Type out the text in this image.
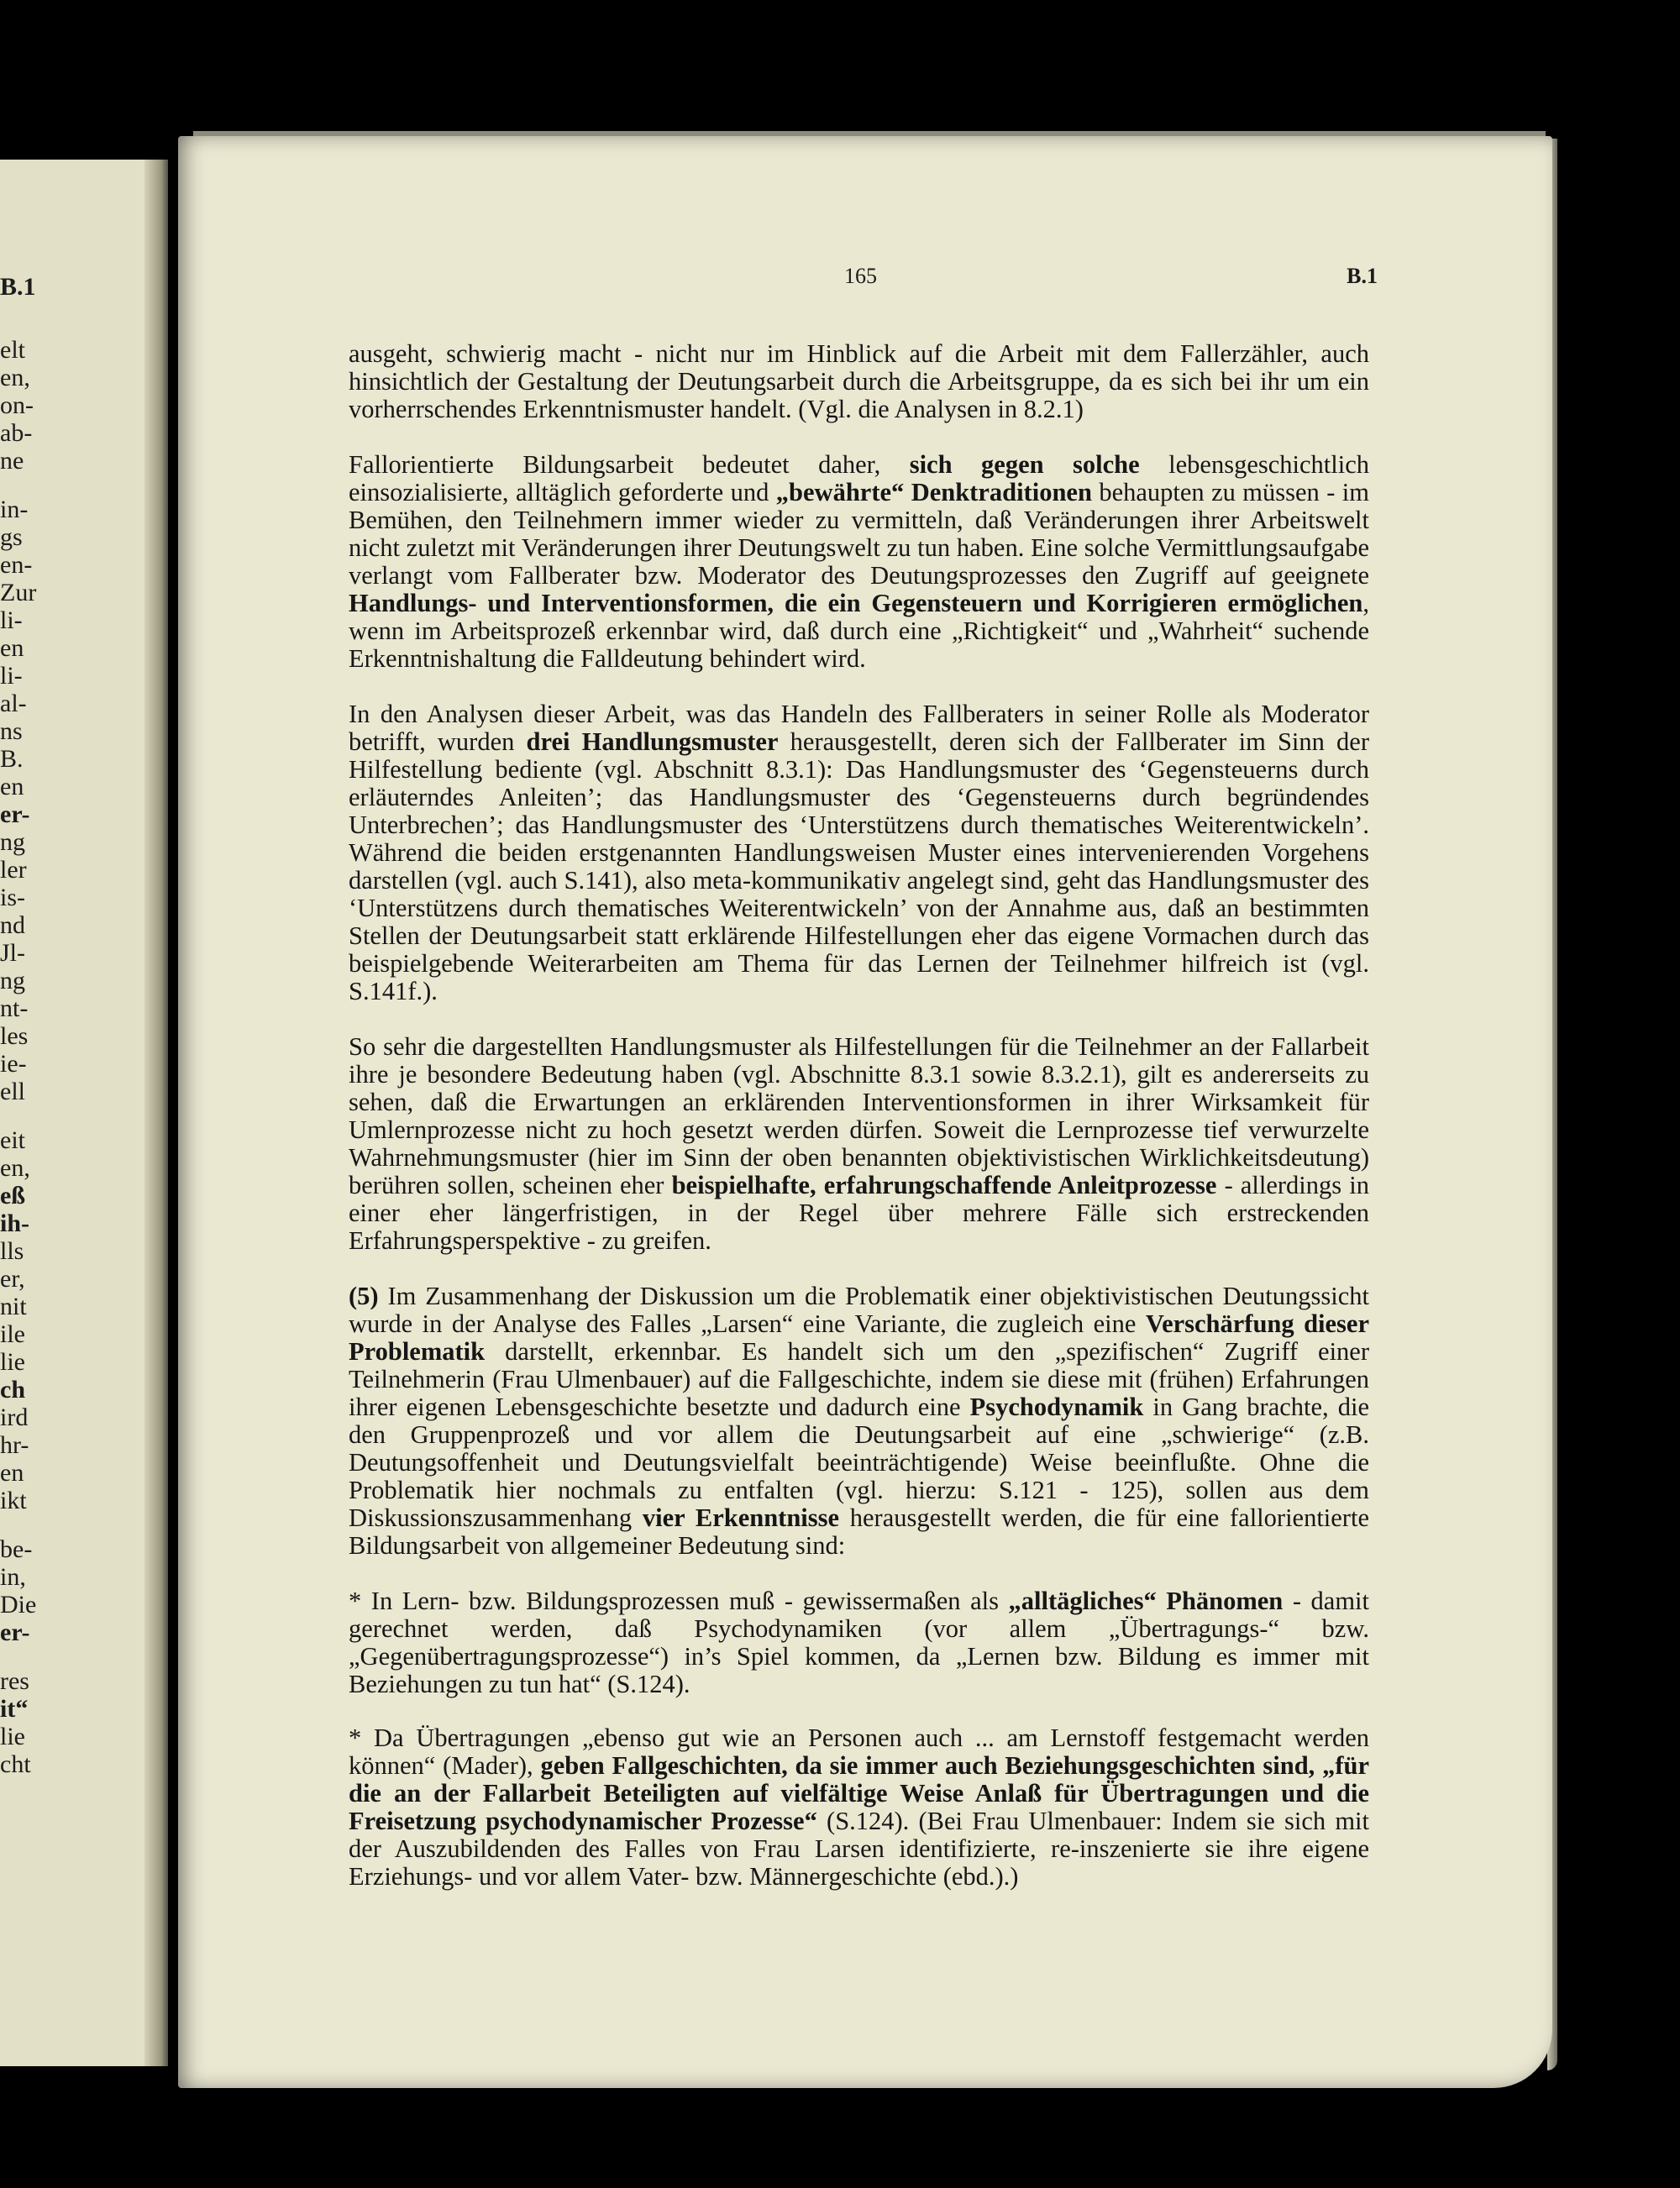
B.1
elt
en,
on-
ab-
ne
in-
gs
en-
Zur
li-
en
li-
al-
ns
B.
en
er-
ng
ler
is-
nd
Jl-
ng
nt-
les
ie-
ell
eit
en,
eß
ih-
lls
er,
nit
ile
lie
ch
ird
hr-
en
ikt
be-
in,
Die
er-
res
it“
lie
cht
165	B.1

ausgeht, schwierig macht - nicht nur im Hinblick auf die Arbeit mit dem Fallerzähler, auch hinsichtlich der Gestaltung der Deutungsarbeit durch die Arbeitsgruppe, da es sich bei ihr um ein vorherrschendes Erkenntnismuster handelt. (Vgl. die Analysen in 8.2.1)

Fallorientierte Bildungsarbeit bedeutet daher, sich gegen solche lebensgeschichtlich einsozialisierte, alltäglich geforderte und „bewährte“ Denktraditionen behaupten zu müssen - im Bemühen, den Teilnehmern immer wieder zu vermitteln, daß Veränderungen ihrer Arbeitswelt nicht zuletzt mit Veränderungen ihrer Deutungswelt zu tun haben. Eine solche Vermittlungsaufgabe verlangt vom Fallberater bzw. Moderator des Deutungsprozesses den Zugriff auf geeignete Handlungs- und Interventionsformen, die ein Gegensteuern und Korrigieren ermöglichen, wenn im Arbeitsprozeß erkennbar wird, daß durch eine „Richtigkeit“ und „Wahrheit“ suchende Erkenntnishaltung die Falldeutung behindert wird.

In den Analysen dieser Arbeit, was das Handeln des Fallberaters in seiner Rolle als Moderator betrifft, wurden drei Handlungsmuster herausgestellt, deren sich der Fallberater im Sinn der Hilfestellung bediente (vgl. Abschnitt 8.3.1): Das Handlungsmuster des ‘Gegensteuerns durch erläuterndes Anleiten’; das Handlungsmuster des ‘Gegensteuerns durch begründendes Unterbrechen’; das Handlungsmuster des ‘Unterstützens durch thematisches Weiterentwickeln’. Während die beiden erstgenannten Handlungsweisen Muster eines intervenierenden Vorgehens darstellen (vgl. auch S.141), also meta-kommunikativ angelegt sind, geht das Handlungsmuster des ‘Unterstützens durch thematisches Weiterentwickeln’ von der Annahme aus, daß an bestimmten Stellen der Deutungsarbeit statt erklärende Hilfestellungen eher das eigene Vormachen durch das beispielgebende Weiterarbeiten am Thema für das Lernen der Teilnehmer hilfreich ist (vgl. S.141f.).

So sehr die dargestellten Handlungsmuster als Hilfestellungen für die Teilnehmer an der Fallarbeit ihre je besondere Bedeutung haben (vgl. Abschnitte 8.3.1 sowie 8.3.2.1), gilt es andererseits zu sehen, daß die Erwartungen an erklärenden Interventionsformen in ihrer Wirksamkeit für Umlernprozesse nicht zu hoch gesetzt werden dürfen. Soweit die Lernprozesse tief verwurzelte Wahrnehmungsmuster (hier im Sinn der oben benannten objektivistischen Wirklichkeitsdeutung) berühren sollen, scheinen eher beispielhafte, erfahrungschaffende Anleitprozesse - allerdings in einer eher längerfristigen, in der Regel über mehrere Fälle sich erstreckenden Erfahrungsperspektive - zu greifen.

(5) Im Zusammenhang der Diskussion um die Problematik einer objektivistischen Deutungssicht wurde in der Analyse des Falles „Larsen“ eine Variante, die zugleich eine Verschärfung dieser Problematik darstellt, erkennbar. Es handelt sich um den „spezifischen“ Zugriff einer Teilnehmerin (Frau Ulmenbauer) auf die Fallgeschichte, indem sie diese mit (frühen) Erfahrungen ihrer eigenen Lebensgeschichte besetzte und dadurch eine Psychodynamik in Gang brachte, die den Gruppenprozeß und vor allem die Deutungsarbeit auf eine „schwierige“ (z.B. Deutungsoffenheit und Deutungsvielfalt beeinträchtigende) Weise beeinflußte. Ohne die Problematik hier nochmals zu entfalten (vgl. hierzu: S.121 - 125), sollen aus dem Diskussionszusammenhang vier Erkenntnisse herausgestellt werden, die für eine fallorientierte Bildungsarbeit von allgemeiner Bedeutung sind:

* In Lern- bzw. Bildungsprozessen muß - gewissermaßen als „alltägliches“ Phänomen - damit gerechnet werden, daß Psychodynamiken (vor allem „Übertragungs-“ bzw. „Gegenübertragungsprozesse“) in’s Spiel kommen, da „Lernen bzw. Bildung es immer mit Beziehungen zu tun hat“ (S.124).

* Da Übertragungen „ebenso gut wie an Personen auch ... am Lernstoff festgemacht werden können“ (Mader), geben Fallgeschichten, da sie immer auch Beziehungsgeschichten sind, „für die an der Fallarbeit Beteiligten auf vielfältige Weise Anlaß für Übertragungen und die Freisetzung psychodynamischer Prozesse“ (S.124). (Bei Frau Ulmenbauer: Indem sie sich mit der Auszubildenden des Falles von Frau Larsen identifizierte, re-inszenierte sie ihre eigene Erziehungs- und vor allem Vater- bzw. Männergeschichte (ebd.).)
